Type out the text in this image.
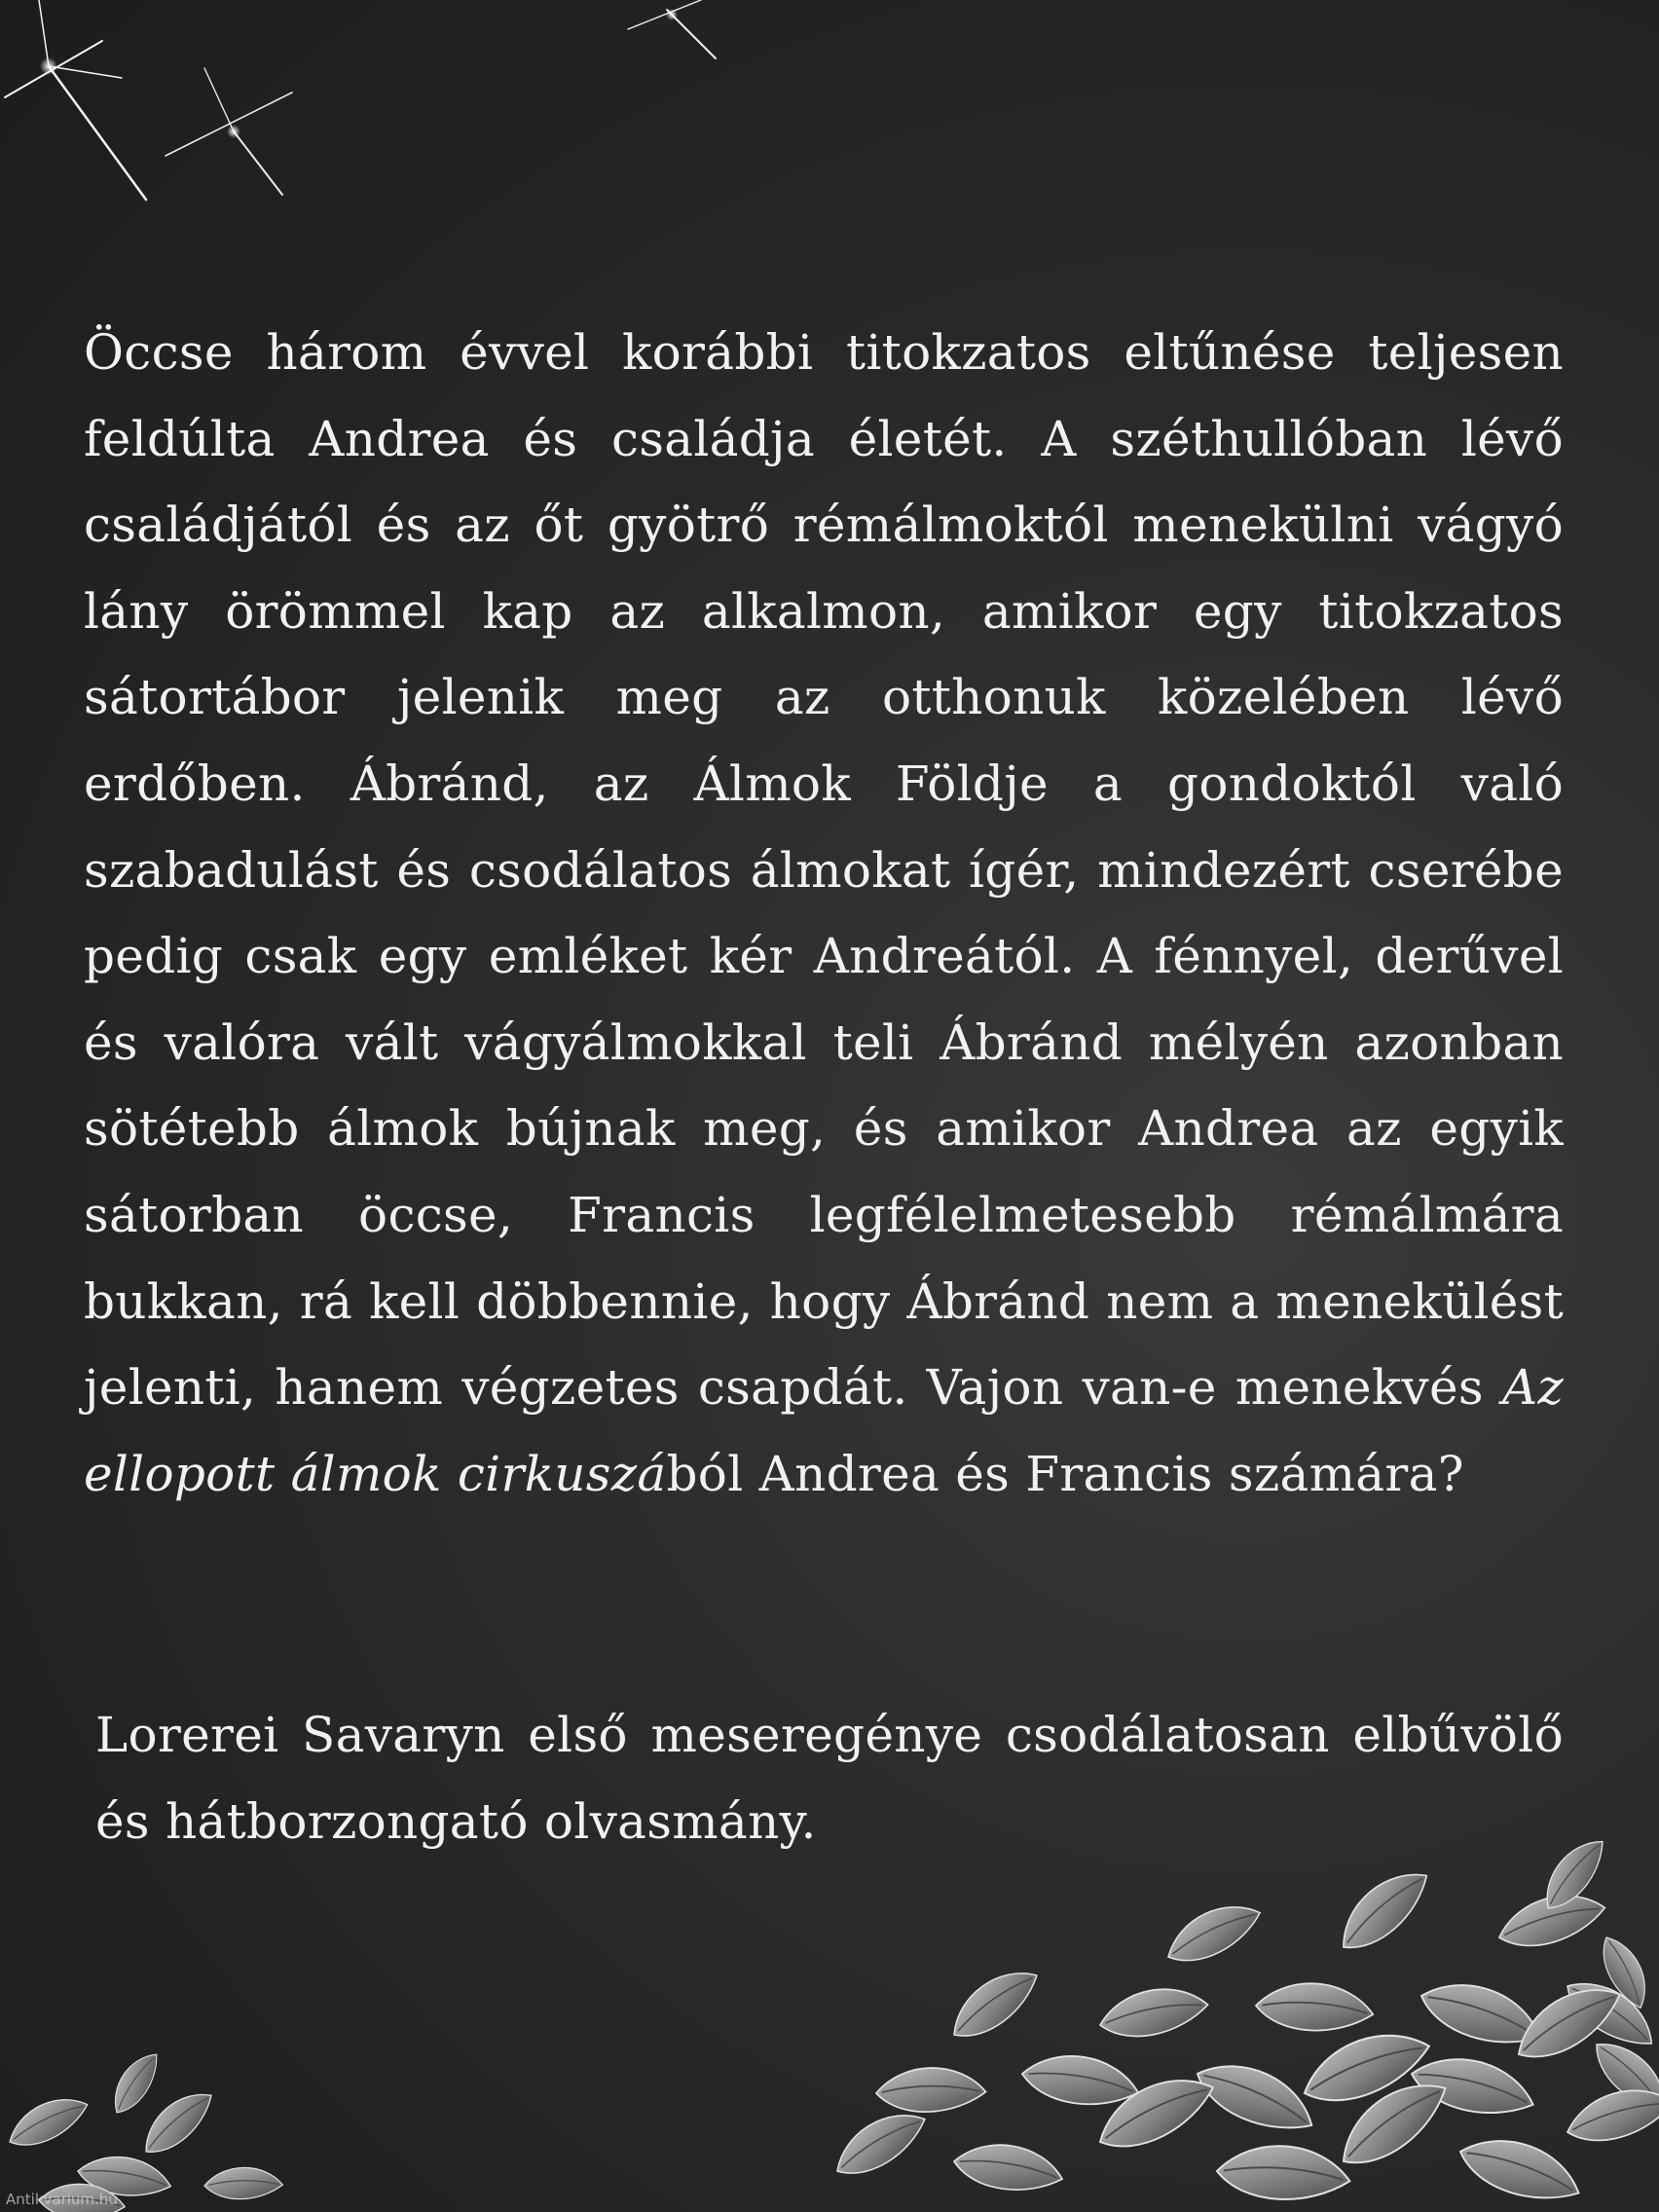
Öccse három évvel korábbi titokzatos eltűnése teljesen feldúlta Andrea és családja életét. A széthullóban lévő családjától és az őt gyötrő rémálmoktól menekülni vágyó lány örömmel kap az alkalmon, amikor egy titokzatos sátortábor jelenik meg az otthonuk közelében lévő erdőben. Ábránd, az Álmok Földje a gondoktól való szabadulást és csodálatos álmokat ígér, mindezért cserébe pedig csak egy emléket kér Andreától. A fénnyel, derűvel és valóra vált vágyálmokkal teli Ábránd mélyén azonban sötétebb álmok bújnak meg, és amikor Andrea az egyik sátorban öccse, Francis legfélelmetesebb rémálmára bukkan, rá kell döbbennie, hogy Ábránd nem a menekülést jelenti, hanem végzetes csapdát. Vajon van-e menekvés Az ellopott álmok cirkuszából Andrea és Francis számára?

Lorerei Savaryn első meseregénye csodálatosan elbűvölő és hátborzongató olvasmány.

Antikvarium.hu
